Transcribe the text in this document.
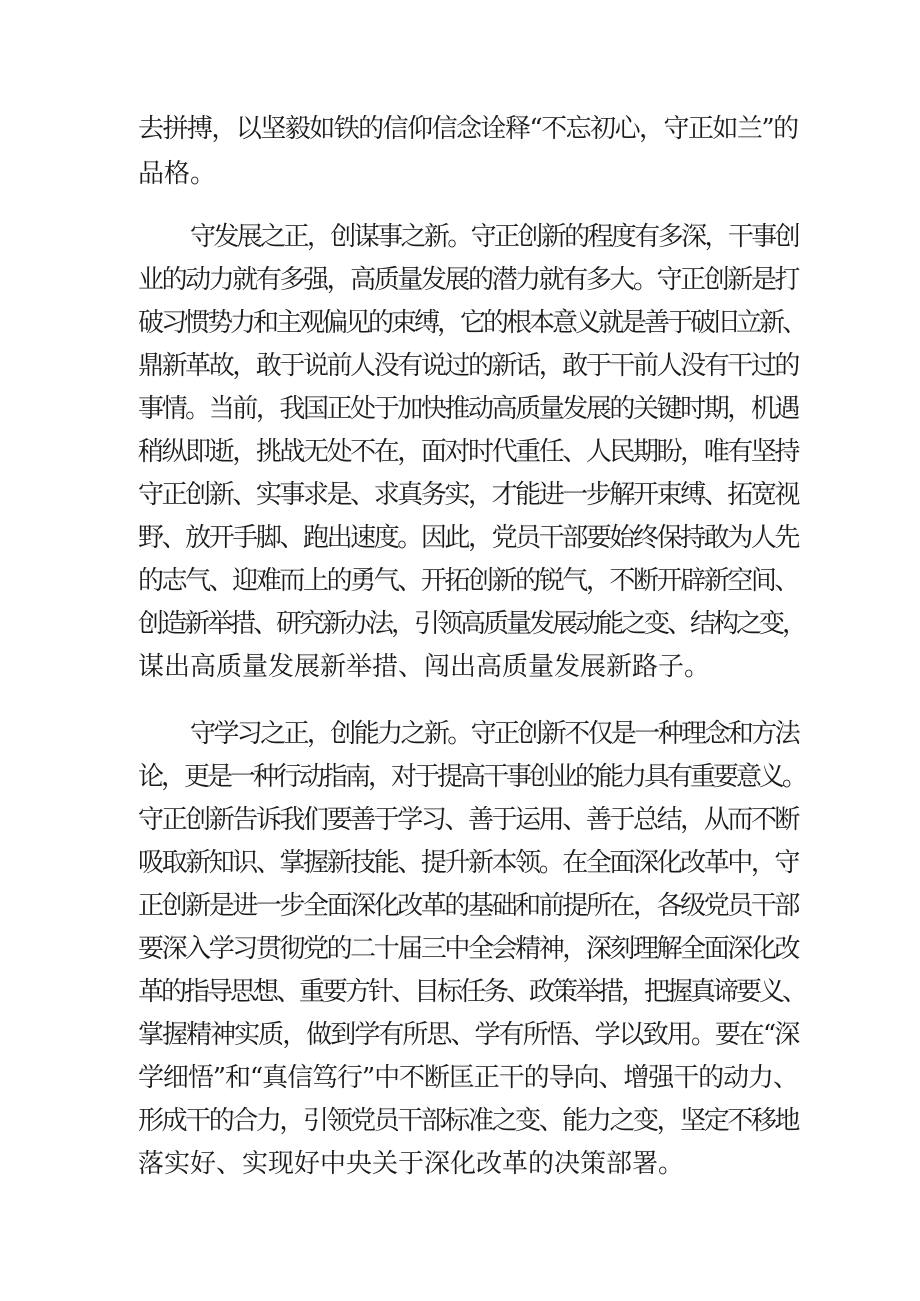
去拼搏，以坚毅如铁的信仰信念诠释“不忘初心，守正如兰”的
品格。
守发展之正，创谋事之新。守正创新的程度有多深，干事创
业的动力就有多强，高质量发展的潜力就有多大。守正创新是打
破习惯势力和主观偏见的束缚，它的根本意义就是善于破旧立新、
鼎新革故，敢于说前人没有说过的新话，敢于干前人没有干过的
事情。当前，我国正处于加快推动高质量发展的关键时期，机遇
稍纵即逝，挑战无处不在，面对时代重任、人民期盼，唯有坚持
守正创新、实事求是、求真务实，才能进一步解开束缚、拓宽视
野、放开手脚、跑出速度。因此，党员干部要始终保持敢为人先
的志气、迎难而上的勇气、开拓创新的锐气，不断开辟新空间、
创造新举措、研究新办法，引领高质量发展动能之变、结构之变，
谋出高质量发展新举措、闯出高质量发展新路子。
守学习之正，创能力之新。守正创新不仅是一种理念和方法
论，更是一种行动指南，对于提高干事创业的能力具有重要意义。
守正创新告诉我们要善于学习、善于运用、善于总结，从而不断
吸取新知识、掌握新技能、提升新本领。在全面深化改革中，守
正创新是进一步全面深化改革的基础和前提所在，各级党员干部
要深入学习贯彻党的二十届三中全会精神，深刻理解全面深化改
革的指导思想、重要方针、目标任务、政策举措，把握真谛要义、
掌握精神实质，做到学有所思、学有所悟、学以致用。要在“深
学细悟”和“真信笃行”中不断匡正干的导向、增强干的动力、
形成干的合力，引领党员干部标准之变、能力之变，坚定不移地
落实好、实现好中央关于深化改革的决策部署。
